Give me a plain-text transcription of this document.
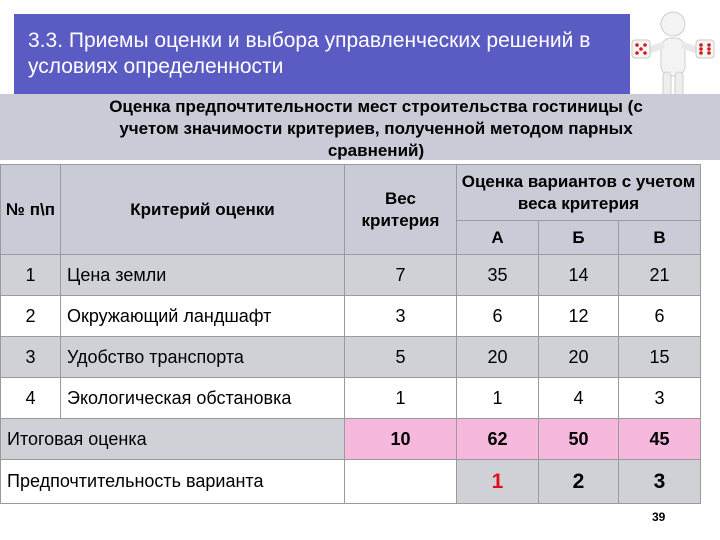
3.3. Приемы оценки и выбора управленческих решений в условиях определенности
Оценка предпочтительности мест строительства гостиницы (с учетом значимости критериев, полученной методом парных сравнений)
№ п\п	Критерий оценки	Вес критерия	Оценка вариантов с учетом веса критерия		
			А	Б	В
1	Цена земли	7	35	14	21
2	Окружающий ландшафт	3	6	12	6
3	Удобство транспорта	5	20	20	15
4	Экологическая обстановка	1	1	4	3
Итоговая оценка		10	62	50	45
Предпочтительность варианта			1	2	3
39
